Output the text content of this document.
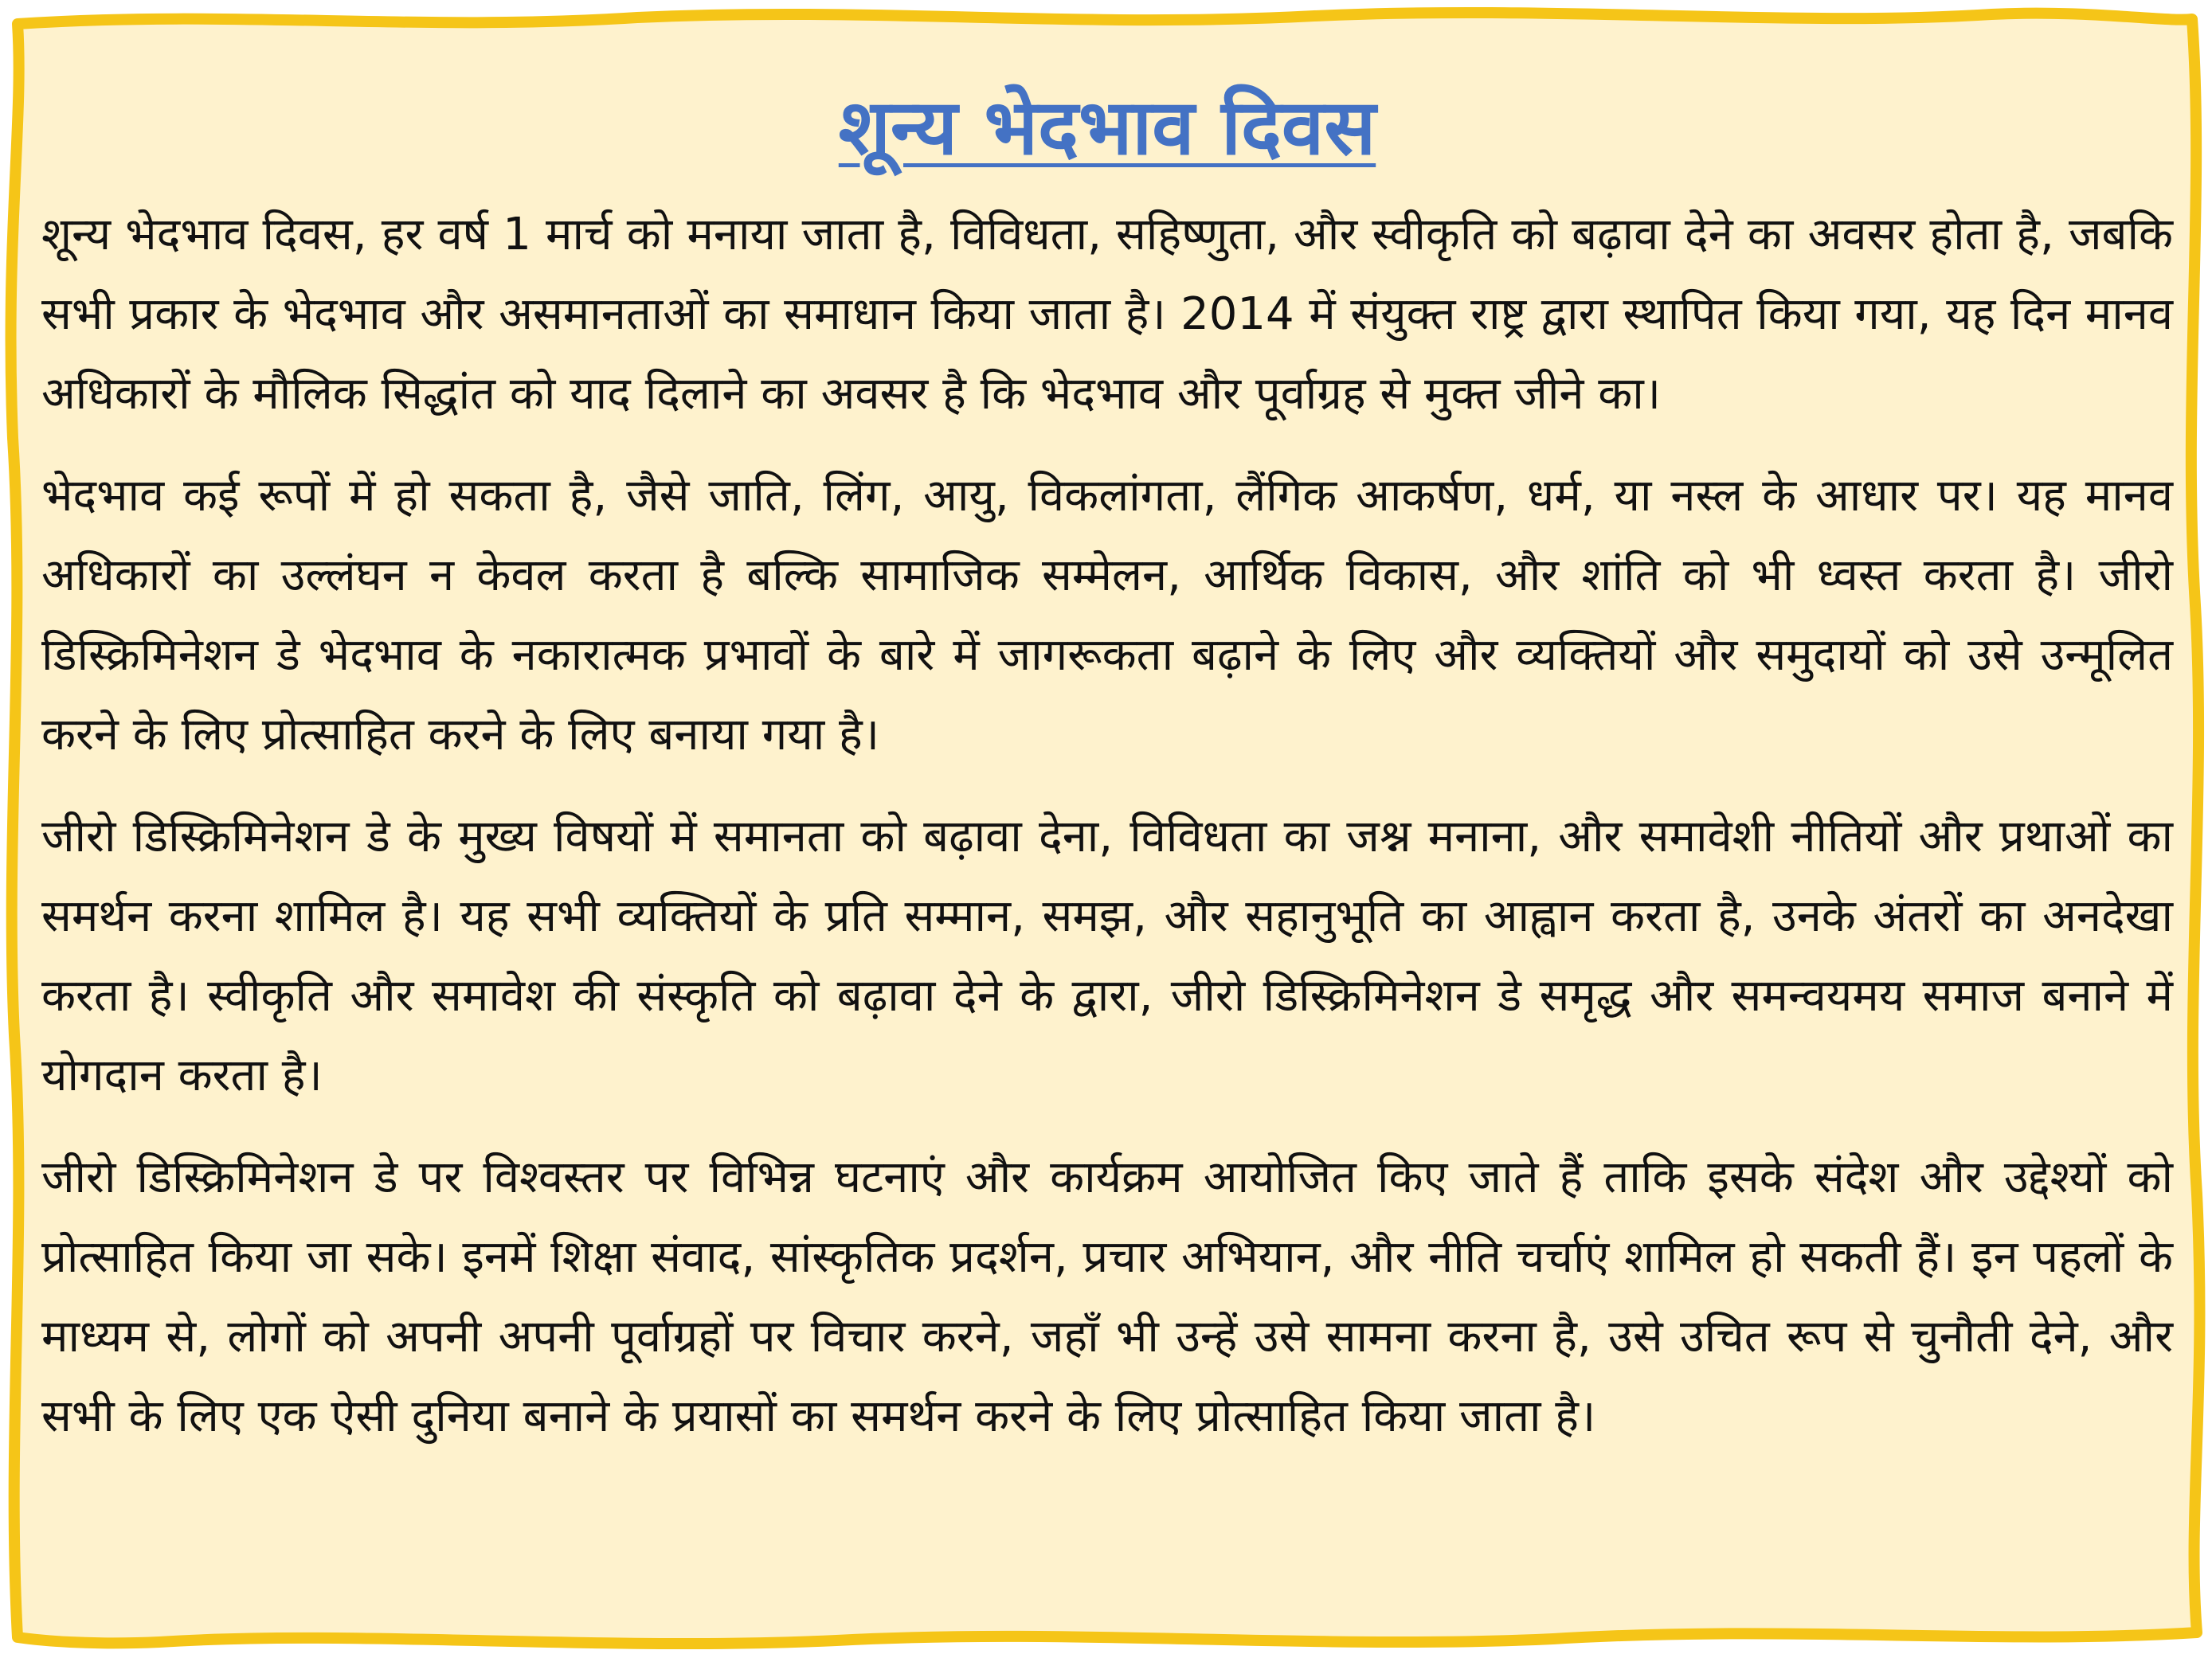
शून्य भेदभाव दिवस

शून्य भेदभाव दिवस, हर वर्ष 1 मार्च को मनाया जाता है, विविधता, सहिष्णुता, और स्वीकृति को बढ़ावा देने का अवसर होता है, जबकि सभी प्रकार के भेदभाव और असमानताओं का समाधान किया जाता है। 2014 में संयुक्त राष्ट्र द्वारा स्थापित किया गया, यह दिन मानव अधिकारों के मौलिक सिद्धांत को याद दिलाने का अवसर है कि भेदभाव और पूर्वाग्रह से मुक्त जीने का।

भेदभाव कई रूपों में हो सकता है, जैसे जाति, लिंग, आयु, विकलांगता, लैंगिक आकर्षण, धर्म, या नस्ल के आधार पर। यह मानव अधिकारों का उल्लंघन न केवल करता है बल्कि सामाजिक सम्मेलन, आर्थिक विकास, और शांति को भी ध्वस्त करता है। जीरो डिस्क्रिमिनेशन डे भेदभाव के नकारात्मक प्रभावों के बारे में जागरूकता बढ़ाने के लिए और व्यक्तियों और समुदायों को उसे उन्मूलित करने के लिए प्रोत्साहित करने के लिए बनाया गया है।

जीरो डिस्क्रिमिनेशन डे के मुख्य विषयों में समानता को बढ़ावा देना, विविधता का जश्न मनाना, और समावेशी नीतियों और प्रथाओं का समर्थन करना शामिल है। यह सभी व्यक्तियों के प्रति सम्मान, समझ, और सहानुभूति का आह्वान करता है, उनके अंतरों का अनदेखा करता है। स्वीकृति और समावेश की संस्कृति को बढ़ावा देने के द्वारा, जीरो डिस्क्रिमिनेशन डे समृद्ध और समन्वयमय समाज बनाने में योगदान करता है।

जीरो डिस्क्रिमिनेशन डे पर विश्वस्तर पर विभिन्न घटनाएं और कार्यक्रम आयोजित किए जाते हैं ताकि इसके संदेश और उद्देश्यों को प्रोत्साहित किया जा सके। इनमें शिक्षा संवाद, सांस्कृतिक प्रदर्शन, प्रचार अभियान, और नीति चर्चाएं शामिल हो सकती हैं। इन पहलों के माध्यम से, लोगों को अपनी अपनी पूर्वाग्रहों पर विचार करने, जहाँ भी उन्हें उसे सामना करना है, उसे उचित रूप से चुनौती देने, और सभी के लिए एक ऐसी दुनिया बनाने के प्रयासों का समर्थन करने के लिए प्रोत्साहित किया जाता है।
